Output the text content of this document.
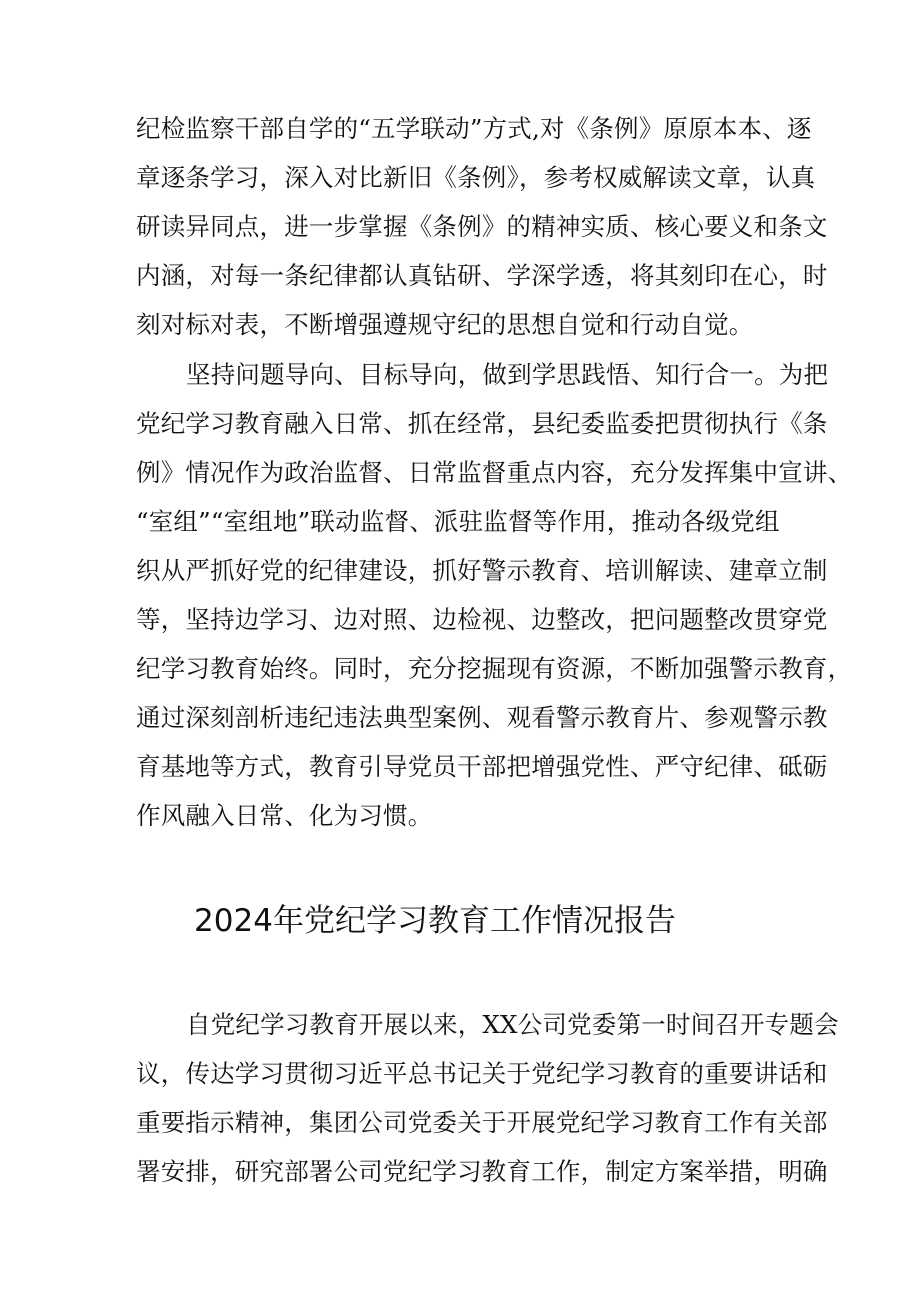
纪检监察干部自学的“五学联动”方式,对《条例》原原本本、逐
章逐条学习，深入对比新旧《条例》，参考权威解读文章，认真
研读异同点，进一步掌握《条例》的精神实质、核心要义和条文
内涵，对每一条纪律都认真钻研、学深学透，将其刻印在心，时
刻对标对表，不断增强遵规守纪的思想自觉和行动自觉。
坚持问题导向、目标导向，做到学思践悟、知行合一。为把
党纪学习教育融入日常、抓在经常，县纪委监委把贯彻执行《条
例》情况作为政治监督、日常监督重点内容，充分发挥集中宣讲、
“室组”“室组地”联动监督、派驻监督等作用，推动各级党组
织从严抓好党的纪律建设，抓好警示教育、培训解读、建章立制
等，坚持边学习、边对照、边检视、边整改，把问题整改贯穿党
纪学习教育始终。同时，充分挖掘现有资源，不断加强警示教育，
通过深刻剖析违纪违法典型案例、观看警示教育片、参观警示教
育基地等方式，教育引导党员干部把增强党性、严守纪律、砥砺
作风融入日常、化为习惯。
2024年党纪学习教育工作情况报告
自党纪学习教育开展以来，XX公司党委第一时间召开专题会
议，传达学习贯彻习近平总书记关于党纪学习教育的重要讲话和
重要指示精神，集团公司党委关于开展党纪学习教育工作有关部
署安排，研究部署公司党纪学习教育工作，制定方案举措，明确
